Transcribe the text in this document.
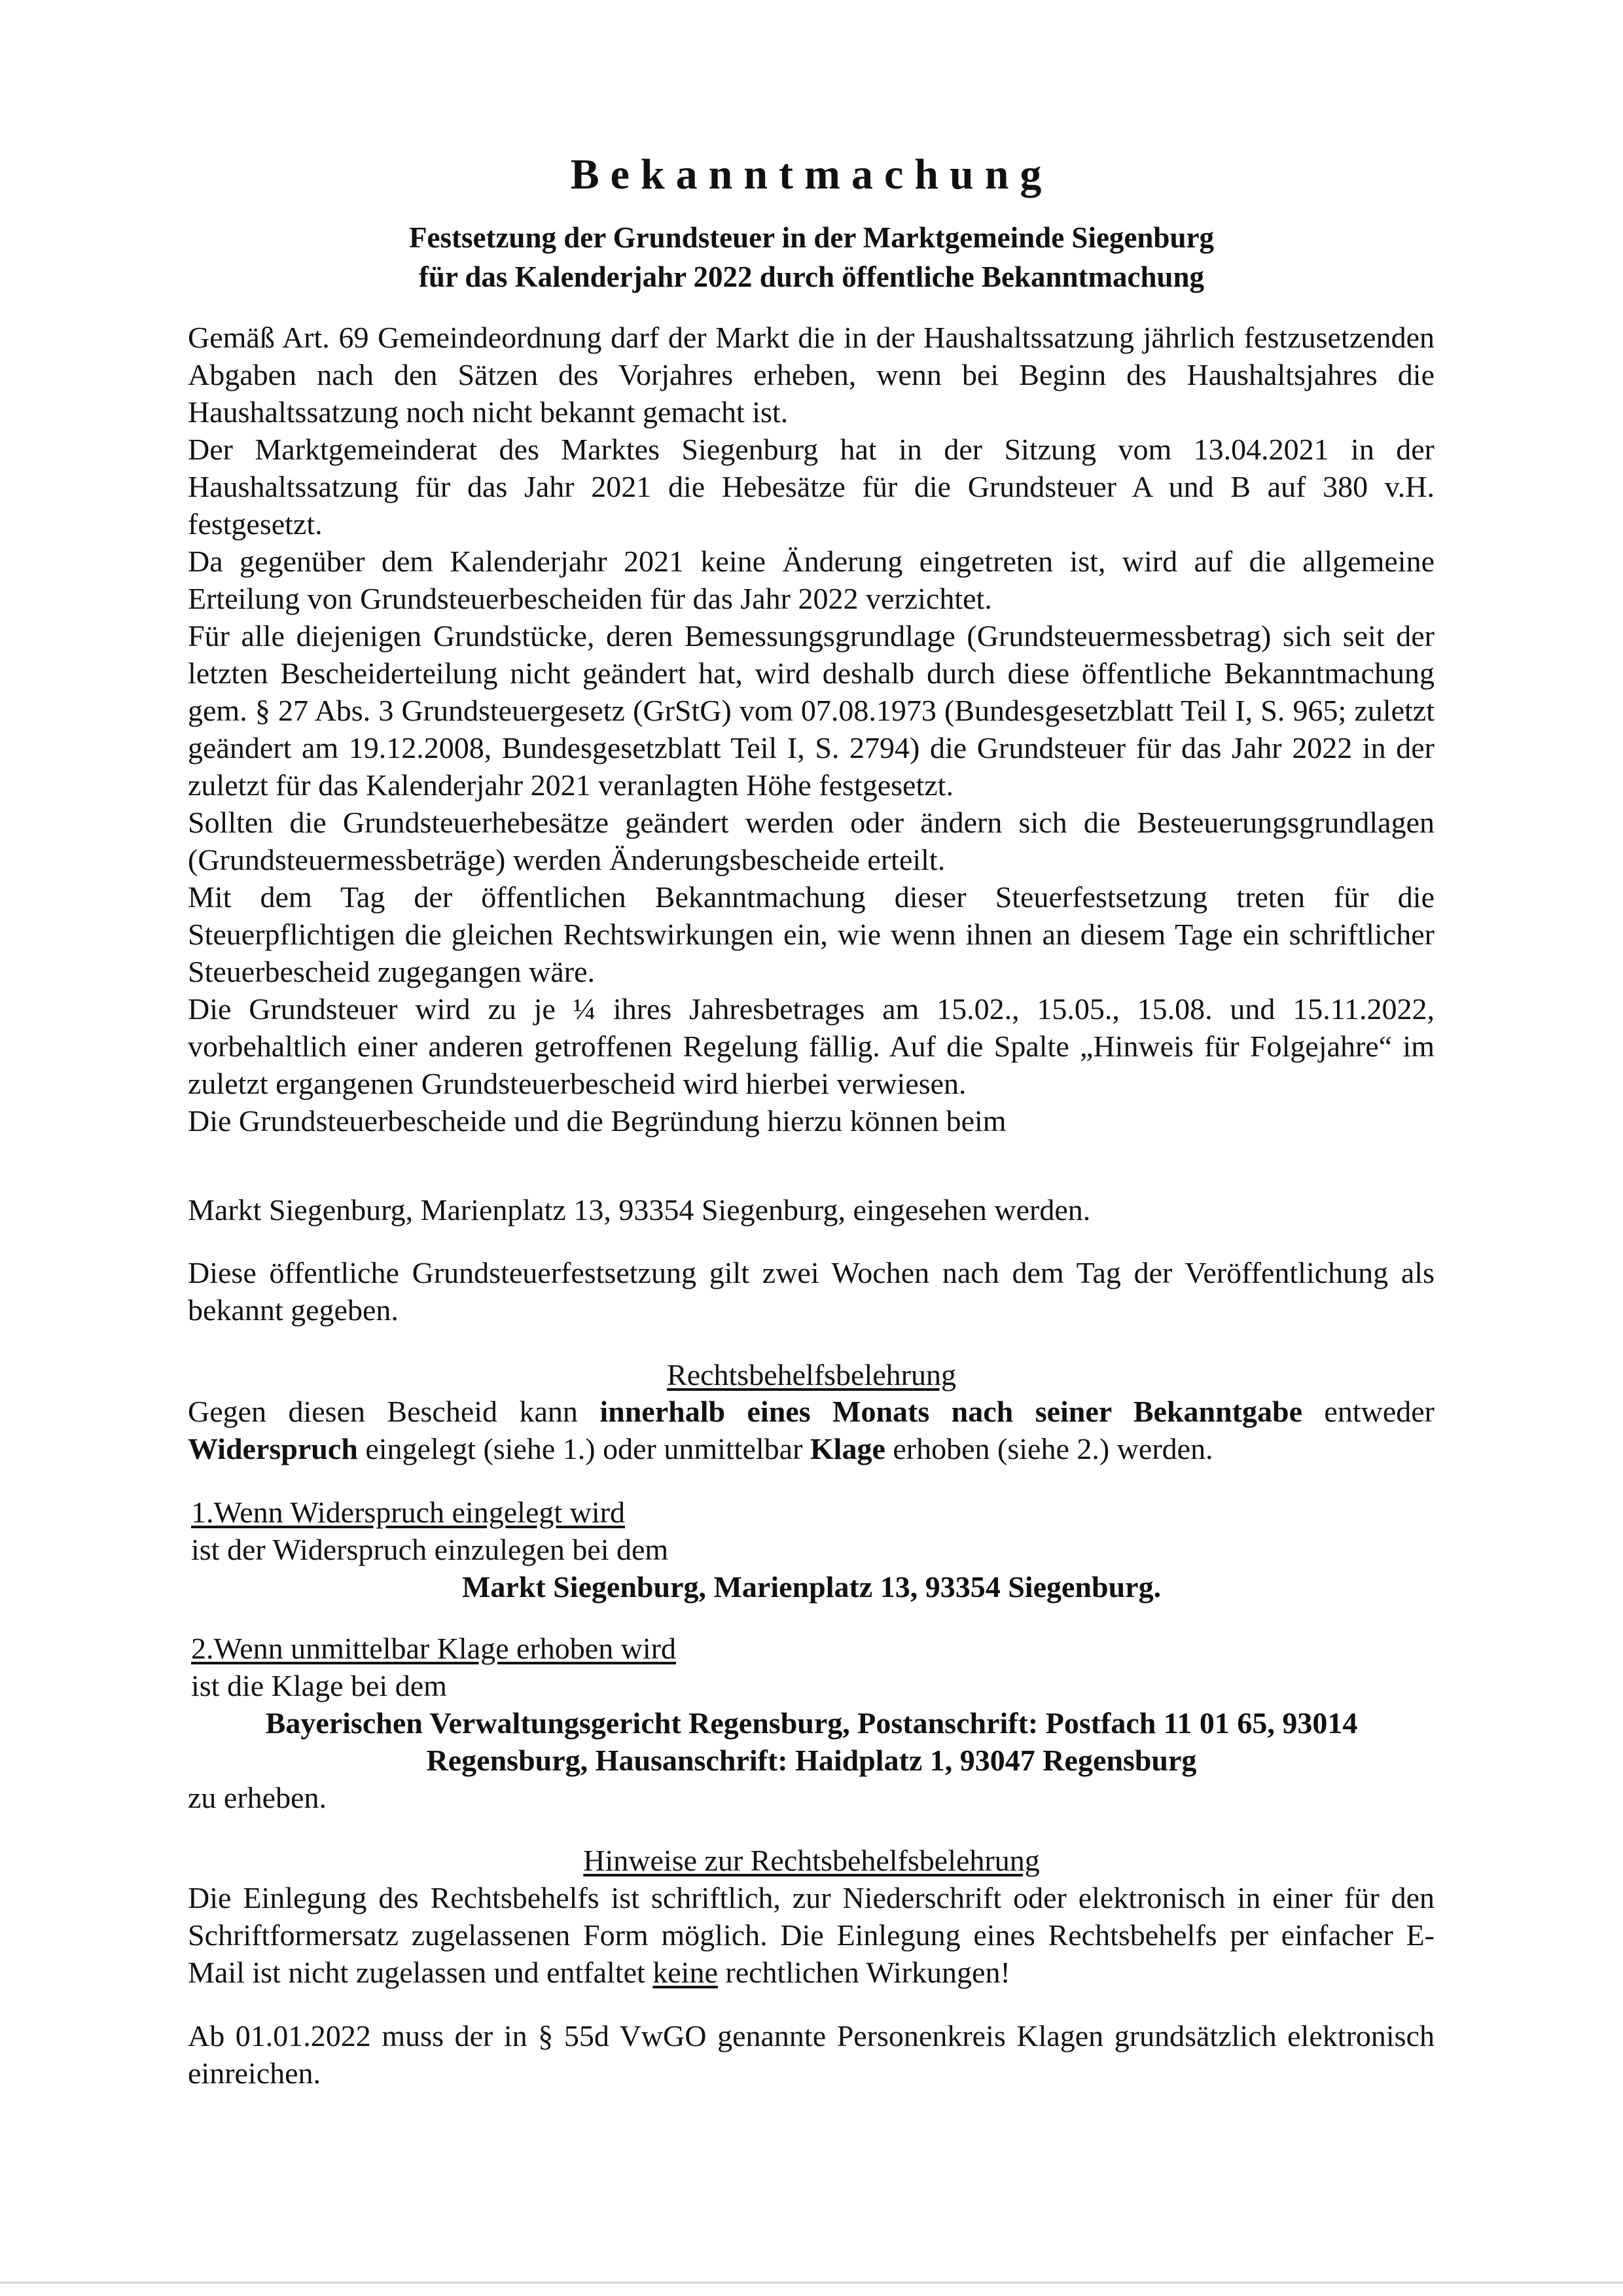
Bekanntmachung
Festsetzung der Grundsteuer in der Marktgemeinde Siegenburg
für das Kalenderjahr 2022 durch öffentliche Bekanntmachung

Gemäß Art. 69 Gemeindeordnung darf der Markt die in der Haushaltssatzung jährlich festzusetzenden Abgaben nach den Sätzen des Vorjahres erheben, wenn bei Beginn des Haushaltsjahres die Haushaltssatzung noch nicht bekannt gemacht ist.

Der Marktgemeinderat des Marktes Siegenburg hat in der Sitzung vom 13.04.2021 in der Haushaltssatzung für das Jahr 2021 die Hebesätze für die Grundsteuer A und B auf 380 v.H. festgesetzt.

Da gegenüber dem Kalenderjahr 2021 keine Änderung eingetreten ist, wird auf die allgemeine Erteilung von Grundsteuerbescheiden für das Jahr 2022 verzichtet.

Für alle diejenigen Grundstücke, deren Bemessungsgrundlage (Grundsteuermessbetrag) sich seit der letzten Bescheiderteilung nicht geändert hat, wird deshalb durch diese öffentliche Bekanntmachung gem. § 27 Abs. 3 Grundsteuergesetz (GrStG) vom 07.08.1973 (Bundesgesetzblatt Teil I, S. 965; zuletzt geändert am 19.12.2008, Bundesgesetzblatt Teil I, S. 2794) die Grundsteuer für das Jahr 2022 in der zuletzt für das Kalenderjahr 2021 veranlagten Höhe festgesetzt.

Sollten die Grundsteuerhebesätze geändert werden oder ändern sich die Besteuerungsgrundlagen (Grundsteuermessbeträge) werden Änderungsbescheide erteilt.

Mit dem Tag der öffentlichen Bekanntmachung dieser Steuerfestsetzung treten für die Steuerpflichtigen die gleichen Rechtswirkungen ein, wie wenn ihnen an diesem Tage ein schriftlicher Steuerbescheid zugegangen wäre.

Die Grundsteuer wird zu je ¼ ihres Jahresbetrages am 15.02., 15.05., 15.08. und 15.11.2022, vorbehaltlich einer anderen getroffenen Regelung fällig. Auf die Spalte „Hinweis für Folgejahre“ im zuletzt ergangenen Grundsteuerbescheid wird hierbei verwiesen.

Die Grundsteuerbescheide und die Begründung hierzu können beim

Markt Siegenburg, Marienplatz 13, 93354 Siegenburg, eingesehen werden.

Diese öffentliche Grundsteuerfestsetzung gilt zwei Wochen nach dem Tag der Veröffentlichung als bekannt gegeben.

Rechtsbehelfsbelehrung

Gegen diesen Bescheid kann innerhalb eines Monats nach seiner Bekanntgabe entweder Widerspruch eingelegt (siehe 1.) oder unmittelbar Klage erhoben (siehe 2.) werden.

1.Wenn Widerspruch eingelegt wird
ist der Widerspruch einzulegen bei dem
Markt Siegenburg, Marienplatz 13, 93354 Siegenburg.
2.Wenn unmittelbar Klage erhoben wird
ist die Klage bei dem
Bayerischen Verwaltungsgericht Regensburg, Postanschrift: Postfach 11 01 65, 93014
Regensburg, Hausanschrift: Haidplatz 1, 93047 Regensburg
zu erheben.
Hinweise zur Rechtsbehelfsbelehrung

Die Einlegung des Rechtsbehelfs ist schriftlich, zur Niederschrift oder elektronisch in einer für den Schriftformersatz zugelassenen Form möglich. Die Einlegung eines Rechtsbehelfs per einfacher E-Mail ist nicht zugelassen und entfaltet keine rechtlichen Wirkungen!

Ab 01.01.2022 muss der in § 55d VwGO genannte Personenkreis Klagen grundsätzlich elektronisch einreichen.
